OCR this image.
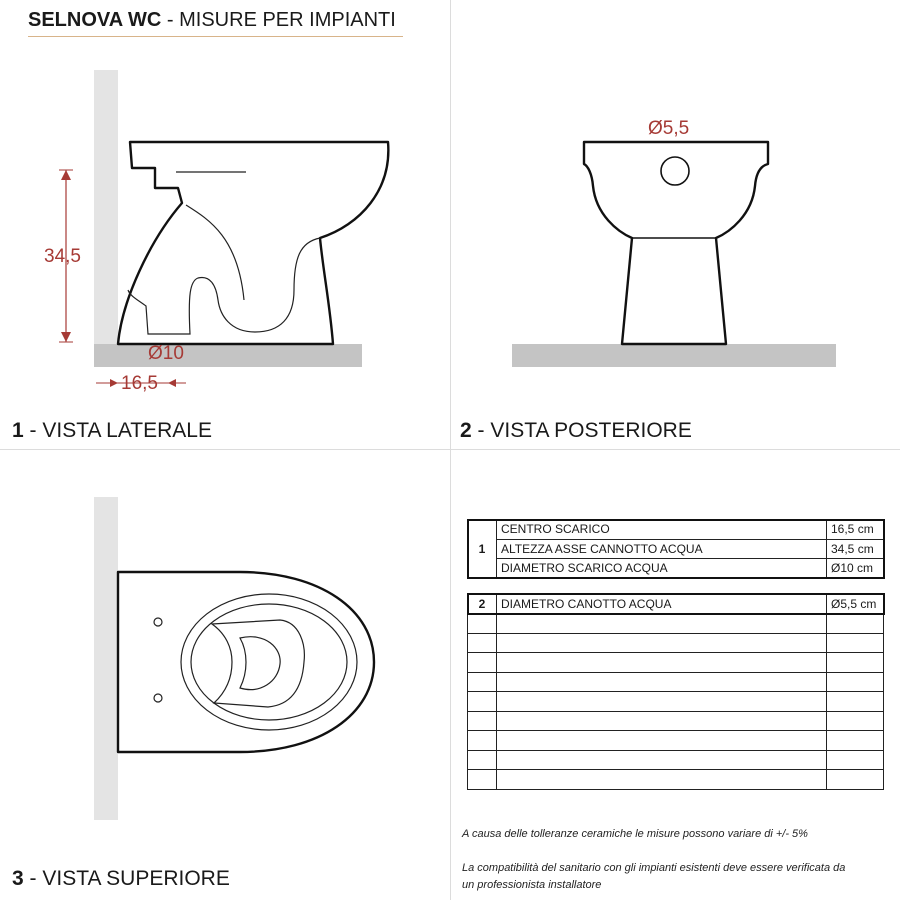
SELNOVA WC - MISURE PER IMPIANTI
34,5
Ø10
16,5
Ø5,5
1 - VISTA LATERALE	2 - VISTA POSTERIORE
3 - VISTA SUPERIORE
1	CENTRO SCARICO	16,5 cm
	ALTEZZA ASSE CANNOTTO ACQUA	34,5 cm
	DIAMETRO SCARICO ACQUA	Ø10 cm

2	DIAMETRO CANOTTO ACQUA	Ø5,5 cm

A causa delle tolleranze ceramiche le misure possono variare di +/- 5%
La compatibilità del sanitario con gli impianti esistenti deve essere verificata da
un professionista installatore
